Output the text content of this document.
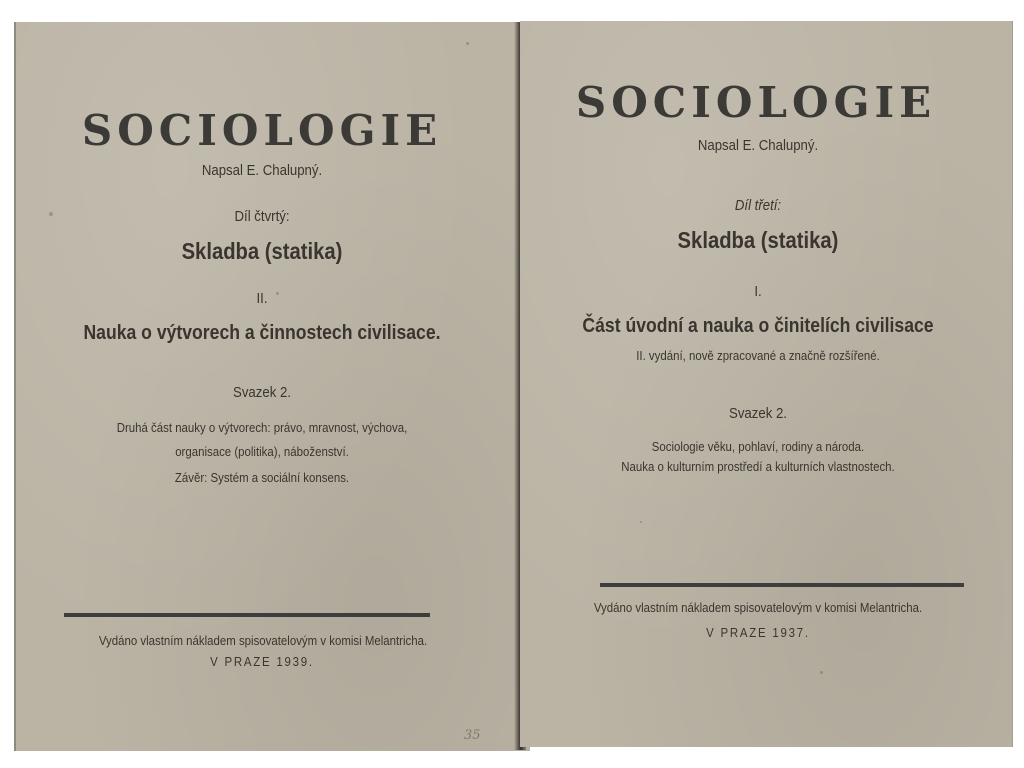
SOCIOLOGIE
Napsal E. Chalupný.
Díl čtvrtý:
Skladba (statika)
II.
Nauka o výtvorech a činnostech civilisace.
Svazek 2.
Druhá část nauky o výtvorech: právo, mravnost, výchova,
organisace (politika), náboženství.
Závěr: Systém a sociální konsens.
Vydáno vlastním nákladem spisovatelovým v komisi Melantricha.
V PRAZE 1939.
35
SOCIOLOGIE
Napsal E. Chalupný.
Díl třetí:
Skladba (statika)
I.
Část úvodní a nauka o činitelích civilisace
II. vydání, nově zpracované a značně rozšířené.
Svazek 2.
Sociologie věku, pohlaví, rodiny a národa.
Nauka o kulturním prostředí a kulturních vlastnostech.
Vydáno vlastním nákladem spisovatelovým v komisi Melantricha.
V PRAZE 1937.
